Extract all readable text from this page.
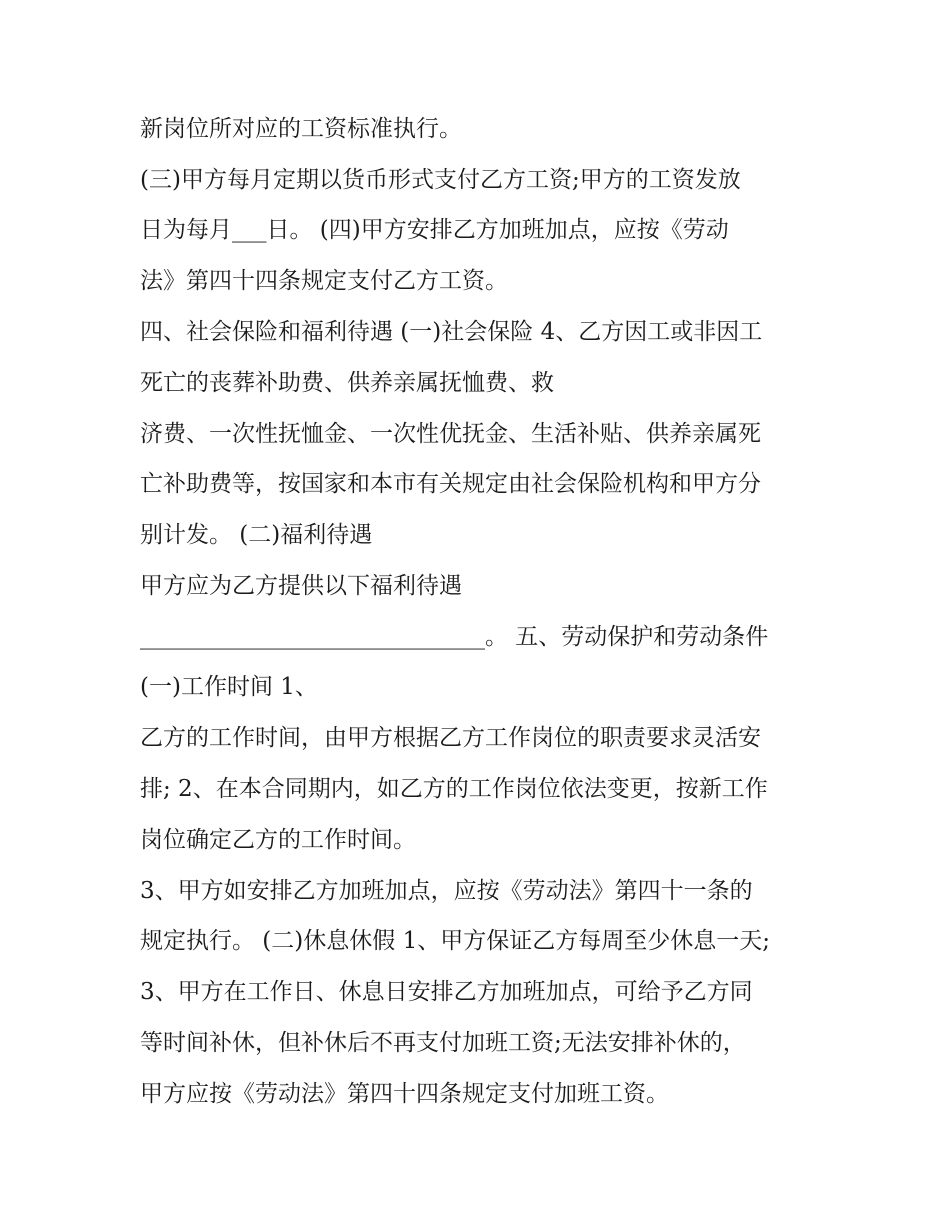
新岗位所对应的工资标准执行。
(三)甲方每月定期以货币形式支付乙方工资;甲方的工资发放
日为每月___日。 (四)甲方安排乙方加班加点，应按《劳动
法》第四十四条规定支付乙方工资。
四、社会保险和福利待遇 (一)社会保险 4、乙方因工或非因工
死亡的丧葬补助费、供养亲属抚恤费、救
济费、一次性抚恤金、一次性优抚金、生活补贴、供养亲属死
亡补助费等，按国家和本市有关规定由社会保险机构和甲方分
别计发。 (二)福利待遇
甲方应为乙方提供以下福利待遇
______________________________。 五、劳动保护和劳动条件
(一)工作时间 1、
乙方的工作时间，由甲方根据乙方工作岗位的职责要求灵活安
排; 2、在本合同期内，如乙方的工作岗位依法变更，按新工作
岗位确定乙方的工作时间。
3、甲方如安排乙方加班加点，应按《劳动法》第四十一条的
规定执行。 (二)休息休假 1、甲方保证乙方每周至少休息一天;
3、甲方在工作日、休息日安排乙方加班加点，可给予乙方同
等时间补休，但补休后不再支付加班工资;无法安排补休的，
甲方应按《劳动法》第四十四条规定支付加班工资。
